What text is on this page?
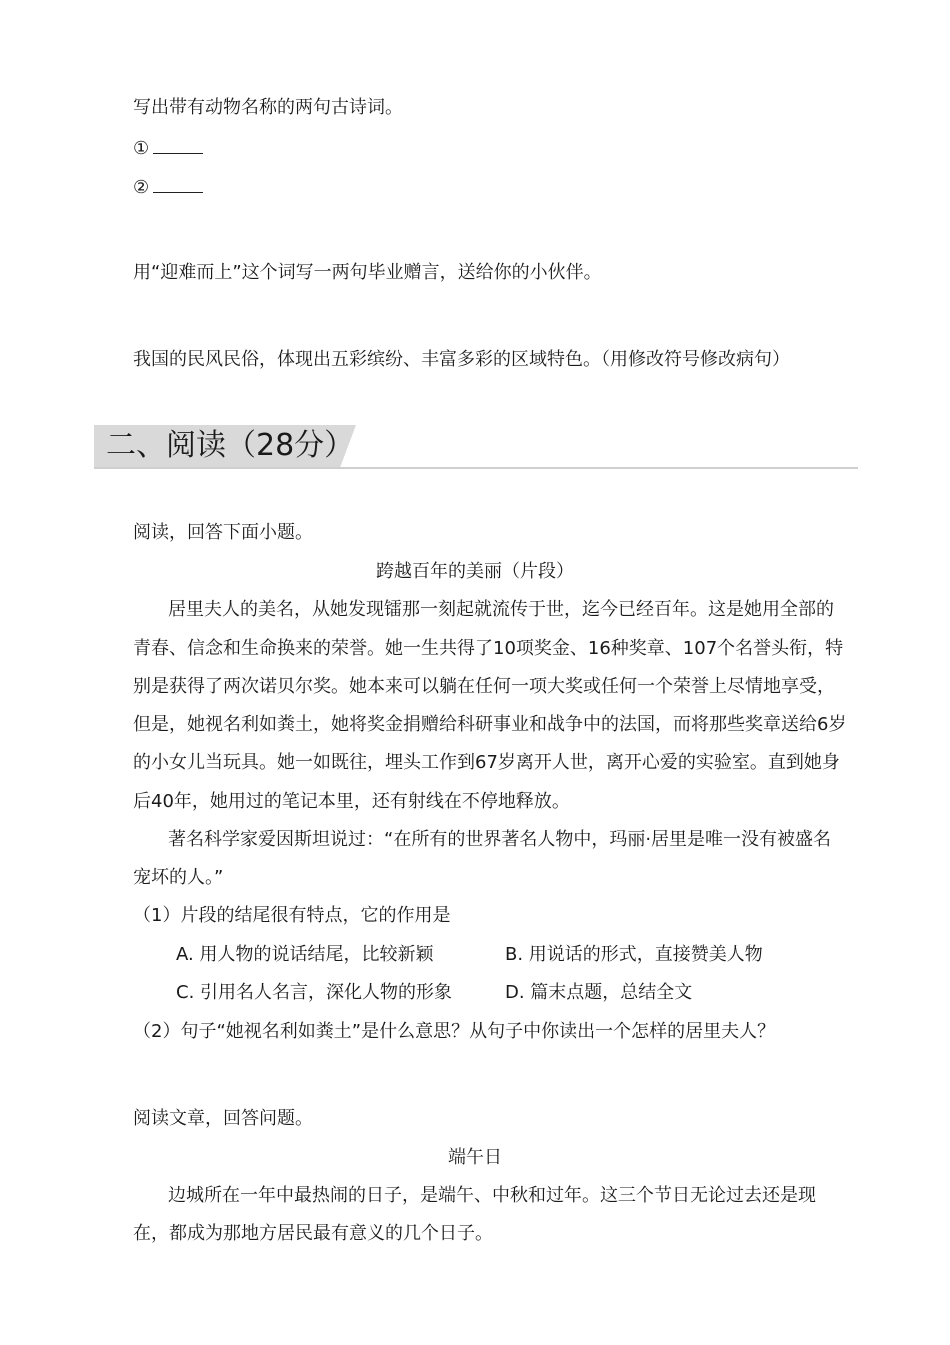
写出带有动物名称的两句古诗词。
①
②
用“迎难而上”这个词写一两句毕业赠言，送给你的小伙伴。
我国的民风民俗，体现出五彩缤纷、丰富多彩的区域特色。（用修改符号修改病句）
二、阅读（28分）
阅读，回答下面小题。
跨越百年的美丽（片段）
居里夫人的美名，从她发现镭那一刻起就流传于世，迄今已经百年。这是她用全部的
青春、信念和生命换来的荣誉。她一生共得了10项奖金、16种奖章、107个名誉头衔，特
别是获得了两次诺贝尔奖。她本来可以躺在任何一项大奖或任何一个荣誉上尽情地享受，
但是，她视名利如粪土，她将奖金捐赠给科研事业和战争中的法国，而将那些奖章送给6岁
的小女儿当玩具。她一如既往，埋头工作到67岁离开人世，离开心爱的实验室。直到她身
后40年，她用过的笔记本里，还有射线在不停地释放。
著名科学家爱因斯坦说过：“在所有的世界著名人物中，玛丽·居里是唯一没有被盛名
宠坏的人。”
（1）片段的结尾很有特点，它的作用是
A. 用人物的说话结尾，比较新颖	B. 用说话的形式，直接赞美人物
C. 引用名人名言，深化人物的形象	D. 篇末点题，总结全文
（2）句子“她视名利如粪土”是什么意思？从句子中你读出一个怎样的居里夫人？
阅读文章，回答问题。
端午日
边城所在一年中最热闹的日子，是端午、中秋和过年。这三个节日无论过去还是现
在，都成为那地方居民最有意义的几个日子。
